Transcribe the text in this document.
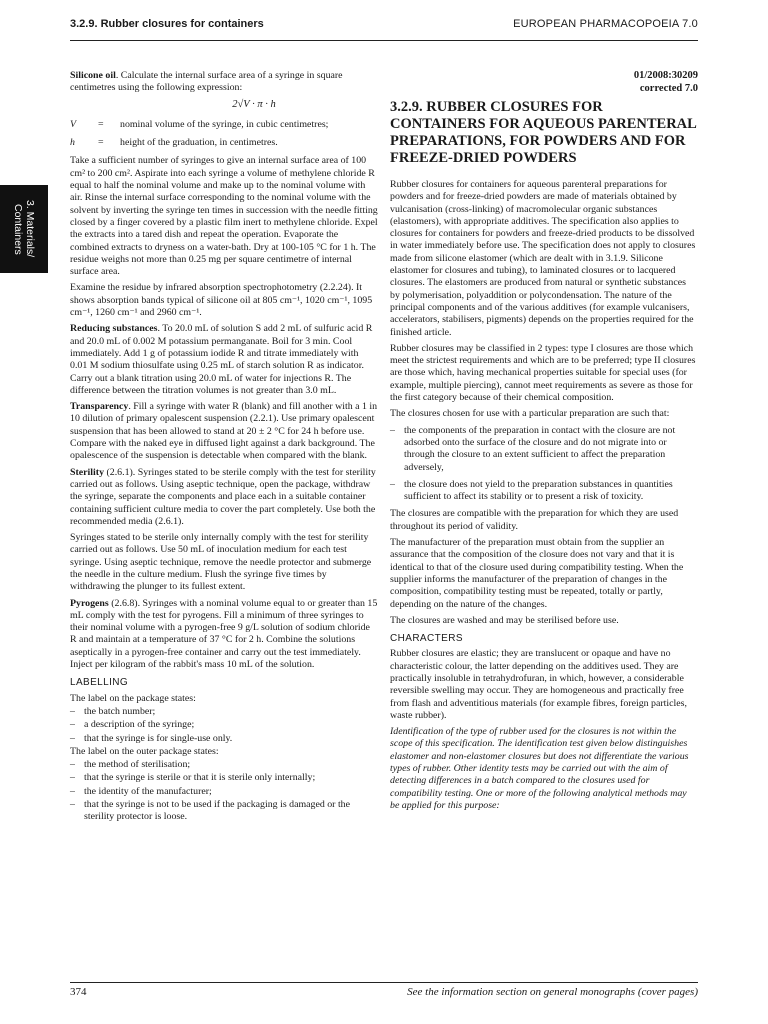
3.2.9. Rubber closures for containers	EUROPEAN PHARMACOPOEIA 7.0
3. Materials/
Containers

Silicone oil. Calculate the internal surface area of a syringe in square centimetres using the following expression:

2√V · π · h
V	=	nominal volume of the syringe, in cubic centimetres;
h	=	height of the graduation, in centimetres.

Take a sufficient number of syringes to give an internal surface area of 100 cm² to 200 cm². Aspirate into each syringe a volume of methylene chloride R equal to half the nominal volume and make up to the nominal volume with air. Rinse the internal surface corresponding to the nominal volume with the solvent by inverting the syringe ten times in succession with the needle fitting closed by a finger covered by a plastic film inert to methylene chloride. Expel the extracts into a tared dish and repeat the operation. Evaporate the combined extracts to dryness on a water-bath. Dry at 100-105 °C for 1 h. The residue weighs not more than 0.25 mg per square centimetre of internal surface area.

Examine the residue by infrared absorption spectrophotometry (2.2.24). It shows absorption bands typical of silicone oil at 805 cm⁻¹, 1020 cm⁻¹, 1095 cm⁻¹, 1260 cm⁻¹ and 2960 cm⁻¹.

Reducing substances. To 20.0 mL of solution S add 2 mL of sulfuric acid R and 20.0 mL of 0.002 M potassium permanganate. Boil for 3 min. Cool immediately. Add 1 g of potassium iodide R and titrate immediately with 0.01 M sodium thiosulfate using 0.25 mL of starch solution R as indicator. Carry out a blank titration using 20.0 mL of water for injections R. The difference between the titration volumes is not greater than 3.0 mL.

Transparency. Fill a syringe with water R (blank) and fill another with a 1 in 10 dilution of primary opalescent suspension (2.2.1). Use primary opalescent suspension that has been allowed to stand at 20 ± 2 °C for 24 h before use. Compare with the naked eye in diffused light against a dark background. The opalescence of the suspension is detectable when compared with the blank.

Sterility (2.6.1). Syringes stated to be sterile comply with the test for sterility carried out as follows. Using aseptic technique, open the package, withdraw the syringe, separate the components and place each in a suitable container containing sufficient culture media to cover the part completely. Use both the recommended media (2.6.1).

Syringes stated to be sterile only internally comply with the test for sterility carried out as follows. Use 50 mL of inoculation medium for each test syringe. Using aseptic technique, remove the needle protector and submerge the needle in the culture medium. Flush the syringe five times by withdrawing the plunger to its fullest extent.

Pyrogens (2.6.8). Syringes with a nominal volume equal to or greater than 15 mL comply with the test for pyrogens. Fill a minimum of three syringes to their nominal volume with a pyrogen-free 9 g/L solution of sodium chloride R and maintain at a temperature of 37 °C for 2 h. Combine the solutions aseptically in a pyrogen-free container and carry out the test immediately. Inject per kilogram of the rabbit's mass 10 mL of the solution.

LABELLING

The label on the package states:

– the batch number;
– a description of the syringe;
– that the syringe is for single-use only.

The label on the outer package states:

– the method of sterilisation;
– that the syringe is sterile or that it is sterile only internally;
– the identity of the manufacturer;
– that the syringe is not to be used if the packaging is damaged or the sterility protector is loose.
01/2008:30209
corrected 7.0
3.2.9. RUBBER CLOSURES FOR CONTAINERS FOR AQUEOUS PARENTERAL PREPARATIONS, FOR POWDERS AND FOR FREEZE-DRIED POWDERS

Rubber closures for containers for aqueous parenteral preparations for powders and for freeze-dried powders are made of materials obtained by vulcanisation (cross-linking) of macromolecular organic substances (elastomers), with appropriate additives. The specification also applies to closures for containers for powders and freeze-dried products to be dissolved in water immediately before use. The specification does not apply to closures made from silicone elastomer (which are dealt with in 3.1.9. Silicone elastomer for closures and tubing), to laminated closures or to lacquered closures. The elastomers are produced from natural or synthetic substances by polymerisation, polyaddition or polycondensation. The nature of the principal components and of the various additives (for example vulcanisers, accelerators, stabilisers, pigments) depends on the properties required for the finished article.

Rubber closures may be classified in 2 types: type I closures are those which meet the strictest requirements and which are to be preferred; type II closures are those which, having mechanical properties suitable for special uses (for example, multiple piercing), cannot meet requirements as severe as those for the first category because of their chemical composition.

The closures chosen for use with a particular preparation are such that:

– the components of the preparation in contact with the closure are not adsorbed onto the surface of the closure and do not migrate into or through the closure to an extent sufficient to affect the preparation adversely,
– the closure does not yield to the preparation substances in quantities sufficient to affect its stability or to present a risk of toxicity.

The closures are compatible with the preparation for which they are used throughout its period of validity.

The manufacturer of the preparation must obtain from the supplier an assurance that the composition of the closure does not vary and that it is identical to that of the closure used during compatibility testing. When the supplier informs the manufacturer of the preparation of changes in the composition, compatibility testing must be repeated, totally or partly, depending on the nature of the changes.

The closures are washed and may be sterilised before use.

CHARACTERS

Rubber closures are elastic; they are translucent or opaque and have no characteristic colour, the latter depending on the additives used. They are practically insoluble in tetrahydrofuran, in which, however, a considerable reversible swelling may occur. They are homogeneous and practically free from flash and adventitious materials (for example fibres, foreign particles, waste rubber).

Identification of the type of rubber used for the closures is not within the scope of this specification. The identification test given below distinguishes elastomer and non-elastomer closures but does not differentiate the various types of rubber. Other identity tests may be carried out with the aim of detecting differences in a batch compared to the closures used for compatibility testing. One or more of the following analytical methods may be applied for this purpose:

374	See the information section on general monographs (cover pages)
